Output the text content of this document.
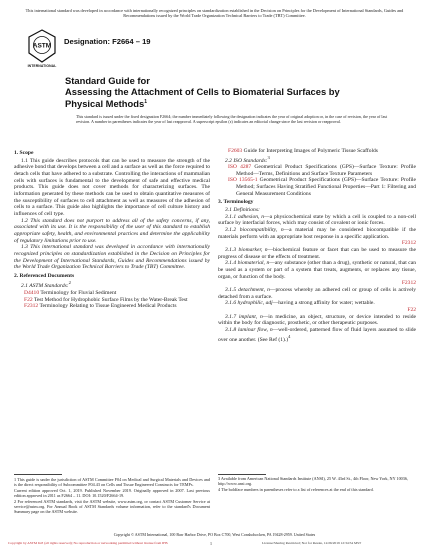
This international standard was developed in accordance with internationally recognized principles on standardization established in the Decision on Principles for the Development of International Standards, Guides and Recommendations issued by the World Trade Organization Technical Barriers to Trade (TBT) Committee.
ASTM
INTERNATIONAL
Designation: F2664 – 19
Standard Guide for
Assessing the Attachment of Cells to Biomaterial Surfaces by Physical Methods$^1$
This standard is issued under the fixed designation F2664; the number immediately following the designation indicates the year of original adoption or, in the case of revision, the year of last revision. A number in parentheses indicates the year of last reapproval. A superscript epsilon (ε) indicates an editorial change since the last revision or reapproval.

1. Scope

1.1 This guide describes protocols that can be used to measure the strength of the adhesive bond that develops between a cell and a surface as well as the force required to detach cells that have adhered to a substrate. Controlling the interactions of mammalian cells with surfaces is fundamental to the development of safe and effective medical products. This guide does not cover methods for characterizing surfaces. The information generated by these methods can be used to obtain quantitative measures of the susceptibility of surfaces to cell attachment as well as measures of the adhesion of cells to a surface. This guide also highlights the importance of cell culture history and influences of cell type.

1.2 This standard does not purport to address all of the safety concerns, if any, associated with its use. It is the responsibility of the user of this standard to establish appropriate safety, health, and environmental practices and determine the applicability of regulatory limitations prior to use.

1.3 This international standard was developed in accordance with internationally recognized principles on standardization established in the Decision on Principles for the Development of International Standards, Guides and Recommendations issued by the World Trade Organization Technical Barriers to Trade (TBT) Committee.

2. Referenced Documents

2.1 ASTM Standards:$^2$

D4410 Terminology for Fluvial Sediment

F22 Test Method for Hydrophobic Surface Films by the Water-Break Test

F2312 Terminology Relating to Tissue Engineered Medical Products

1 This guide is under the jurisdiction of ASTM Committee F04 on Medical and Surgical Materials and Devices and is the direct responsibility of Subcommittee F04.43 on Cells and Tissue Engineered Constructs for TEMPs.

Current edition approved Oct. 1, 2019. Published November 2019. Originally approved in 2007. Last previous edition approved in 2011 as F2664 – 11. DOI: 10.1520/F2664-19.

2 For referenced ASTM standards, visit the ASTM website, www.astm.org, or contact ASTM Customer Service at service@astm.org. For Annual Book of ASTM Standards volume information, refer to the standard's Document Summary page on the ASTM website.

F2603 Guide for Interpreting Images of Polymeric Tissue Scaffolds

2.2 ISO Standards:$^3$

ISO 4287 Geometrical Product Specifications (GPS)—Surface Texture: Profile Method—Terms, Definitions and Surface Texture Parameters

ISO 13565-1 Geometrical Product Specifications (GPS)—Surface Texture: Profile Method; Surfaces Having Stratified Functional Properties—Part 1: Filtering and General Measurement Conditions

3. Terminology

3.1 Definitions:

3.1.1 adhesion, n—a physicochemical state by which a cell is coupled to a non-cell surface by interfacial forces, which may consist of covalent or ionic forces.

3.1.2 biocompatibility, n—a material may be considered biocompatible if the materials perform with an appropriate host response in a specific application.
F2312

3.1.3 biomarker, n—biochemical feature or facet that can be used to measure the progress of disease or the effects of treatment.

3.1.4 biomaterial, n—any substance (other than a drug), synthetic or natural, that can be used as a system or part of a system that treats, augments, or replaces any tissue, organ, or function of the body.
F2312

3.1.5 detachment, n—process whereby an adhered cell or group of cells is actively detached from a surface.

3.1.6 hydrophilic, adj—having a strong affinity for water; wettable.
F22

3.1.7 implant, n—in medicine, an object, structure, or device intended to reside within the body for diagnostic, prosthetic, or other therapeutic purposes.

3.1.8 laminar flow, n—well-ordered, patterned flow of fluid layers assumed to slide over one another. (See Ref (1).)$^4$

3 Available from American National Standards Institute (ANSI), 25 W. 43rd St., 4th Floor, New York, NY 10036, http://www.ansi.org.

4 The boldface numbers in parentheses refer to a list of references at the end of this standard.

Copyright © ASTM International, 100 Barr Harbor Drive, PO Box C700, West Conshohocken, PA 19428-2959. United States
Copyright by ASTM Int'l (all rights reserved); No reproduction or networking permitted without license from IHS	1	License/Sharing Restricted; Not for Resale, 12/26/2019 12:34:54 MST
